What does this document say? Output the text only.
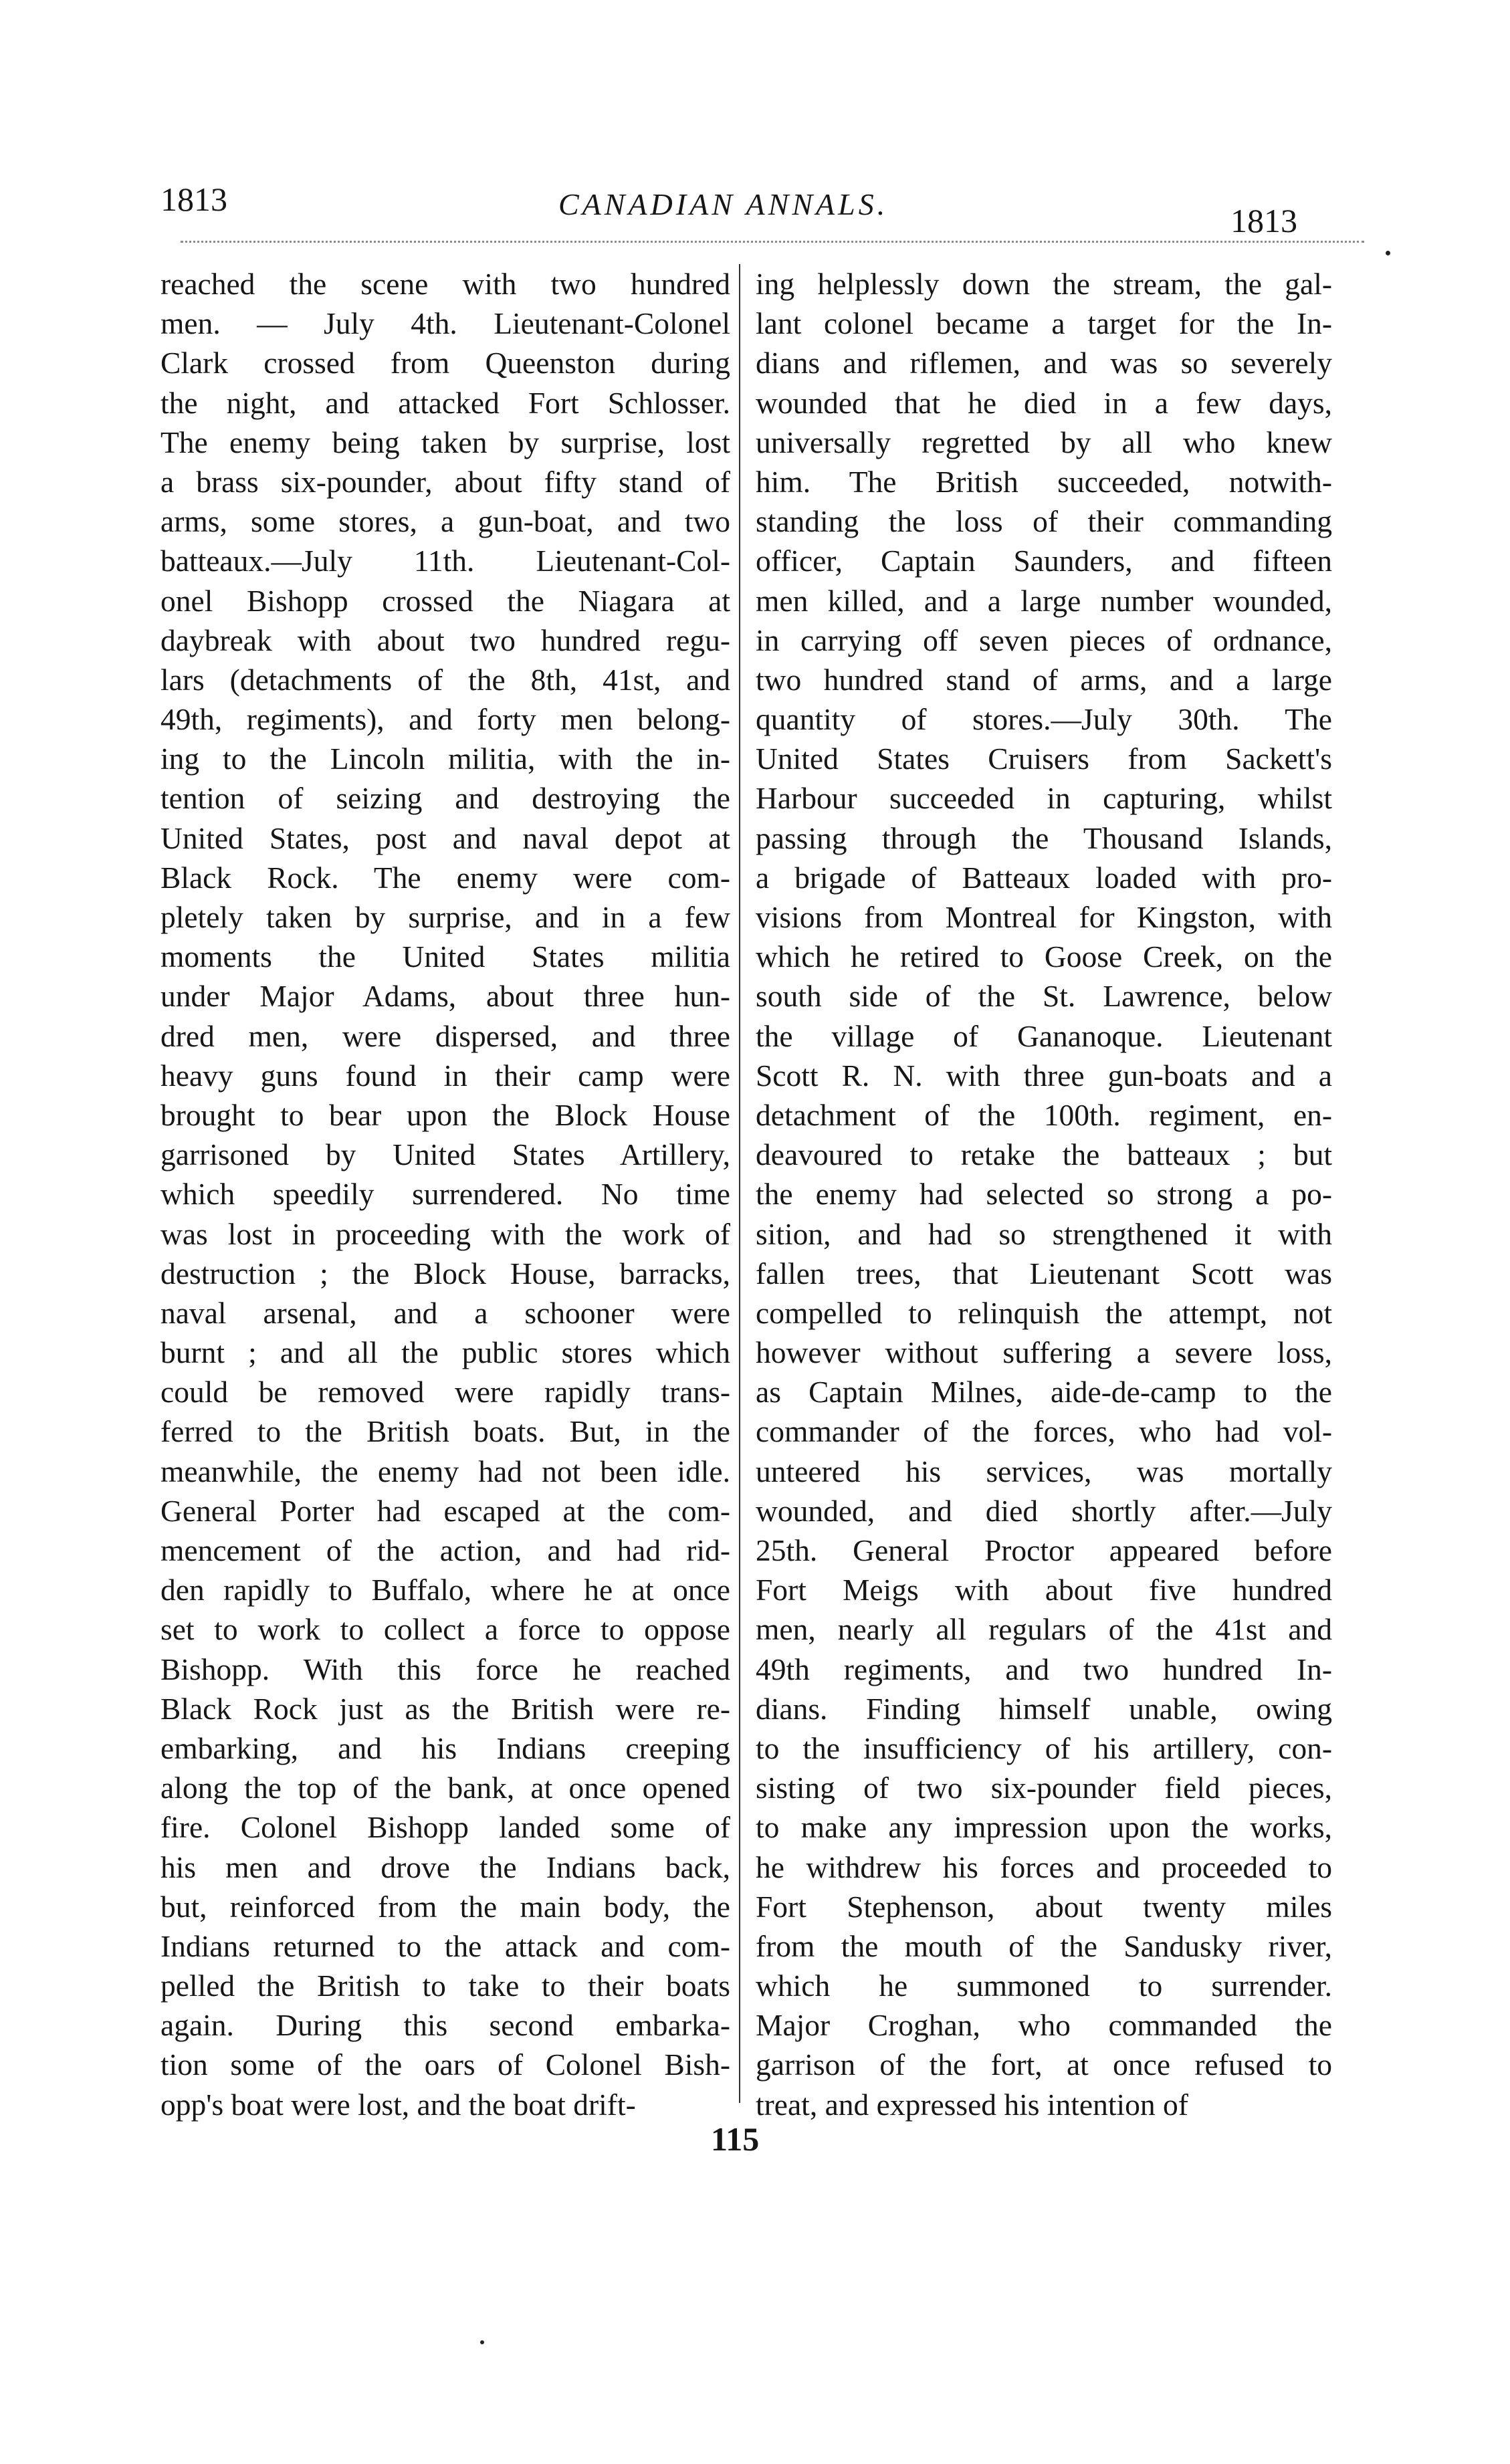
1813	CANADIAN ANNALS.	1813
reached the scene with two hundred
men. — July 4th. Lieutenant-Colonel
Clark crossed from Queenston during
the night, and attacked Fort Schlosser.
The enemy being taken by surprise, lost
a brass six-pounder, about fifty stand of
arms, some stores, a gun-boat, and two
batteaux.—July 11th. Lieutenant-Col-
onel Bishopp crossed the Niagara at
daybreak with about two hundred regu-
lars (detachments of the 8th, 41st, and
49th, regiments), and forty men belong-
ing to the Lincoln militia, with the in-
tention of seizing and destroying the
United States, post and naval depot at
Black Rock. The enemy were com-
pletely taken by surprise, and in a few
moments the United States militia
under Major Adams, about three hun-
dred men, were dispersed, and three
heavy guns found in their camp were
brought to bear upon the Block House
garrisoned by United States Artillery,
which speedily surrendered. No time
was lost in proceeding with the work of
destruction ; the Block House, barracks,
naval arsenal, and a schooner were
burnt ; and all the public stores which
could be removed were rapidly trans-
ferred to the British boats. But, in the
meanwhile, the enemy had not been idle.
General Porter had escaped at the com-
mencement of the action, and had rid-
den rapidly to Buffalo, where he at once
set to work to collect a force to oppose
Bishopp. With this force he reached
Black Rock just as the British were re-
embarking, and his Indians creeping
along the top of the bank, at once opened
fire. Colonel Bishopp landed some of
his men and drove the Indians back,
but, reinforced from the main body, the
Indians returned to the attack and com-
pelled the British to take to their boats
again. During this second embarka-
tion some of the oars of Colonel Bish-
opp's boat were lost, and the boat drift-
ing helplessly down the stream, the gal-
lant colonel became a target for the In-
dians and riflemen, and was so severely
wounded that he died in a few days,
universally regretted by all who knew
him. The British succeeded, notwith-
standing the loss of their commanding
officer, Captain Saunders, and fifteen
men killed, and a large number wounded,
in carrying off seven pieces of ordnance,
two hundred stand of arms, and a large
quantity of stores.—July 30th. The
United States Cruisers from Sackett's
Harbour succeeded in capturing, whilst
passing through the Thousand Islands,
a brigade of Batteaux loaded with pro-
visions from Montreal for Kingston, with
which he retired to Goose Creek, on the
south side of the St. Lawrence, below
the village of Gananoque. Lieutenant
Scott R. N. with three gun-boats and a
detachment of the 100th. regiment, en-
deavoured to retake the batteaux ; but
the enemy had selected so strong a po-
sition, and had so strengthened it with
fallen trees, that Lieutenant Scott was
compelled to relinquish the attempt, not
however without suffering a severe loss,
as Captain Milnes, aide-de-camp to the
commander of the forces, who had vol-
unteered his services, was mortally
wounded, and died shortly after.—July
25th. General Proctor appeared before
Fort Meigs with about five hundred
men, nearly all regulars of the 41st and
49th regiments, and two hundred In-
dians. Finding himself unable, owing
to the insufficiency of his artillery, con-
sisting of two six-pounder field pieces,
to make any impression upon the works,
he withdrew his forces and proceeded to
Fort Stephenson, about twenty miles
from the mouth of the Sandusky river,
which he summoned to surrender.
Major Croghan, who commanded the
garrison of the fort, at once refused to
treat, and expressed his intention of
115
